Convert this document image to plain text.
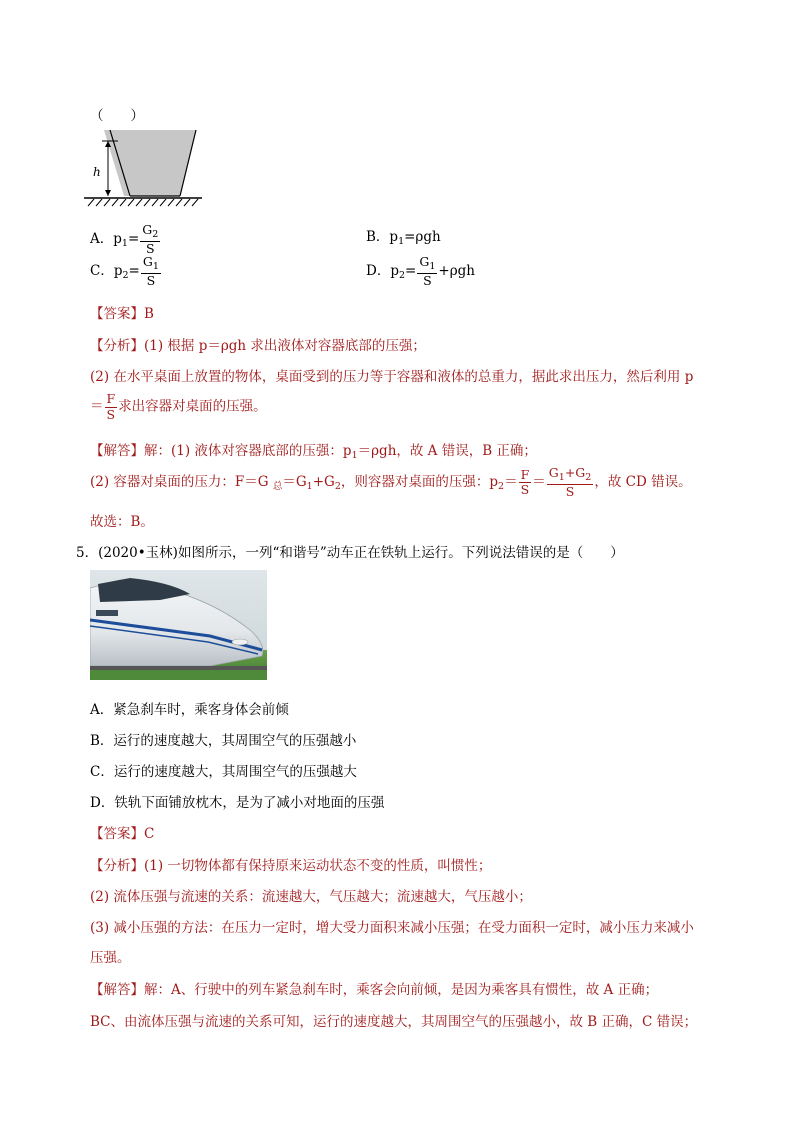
（　　）
h
A．$p_1= \frac{G_2}{S}$	B．$p_1=\rho gh$
C．$p_2= \frac{G_1}{S}$	D．$p_2= \frac{G_1}{S} +\rho gh$
【答案】B
【分析】(1) 根据 p＝ρgh 求出液体对容器底部的压强；
(2) 在水平桌面上放置的物体，桌面受到的压力等于容器和液体的总重力，据此求出压力，然后利用 p
＝ $\frac{F}{S}$ 求出容器对桌面的压强。
【解答】解：(1) 液体对容器底部的压强：$p_1=\rho gh$，故 A 错误，B 正确；
(2) 容器对桌面的压力：F＝G $_总=G_1+G_2$，则容器对桌面的压强：$p_2= \frac{F}{S} = \frac{G_1+G_2}{S}$ ，故 CD 错误。
故选：B。
5．(2020•玉林)如图所示，一列“和谐号”动车正在铁轨上运行。下列说法错误的是（　　）
A．紧急刹车时，乘客身体会前倾
B．运行的速度越大，其周围空气的压强越小
C．运行的速度越大，其周围空气的压强越大
D．铁轨下面铺放枕木，是为了减小对地面的压强
【答案】C
【分析】(1) 一切物体都有保持原来运动状态不变的性质，叫惯性；
(2) 流体压强与流速的关系：流速越大，气压越大；流速越大，气压越小；
(3) 减小压强的方法：在压力一定时，增大受力面积来减小压强；在受力面积一定时，减小压力来减小
压强。
【解答】解：A、行驶中的列车紧急刹车时，乘客会向前倾，是因为乘客具有惯性，故 A 正确；
BC、由流体压强与流速的关系可知，运行的速度越大，其周围空气的压强越小，故 B 正确，C 错误；
